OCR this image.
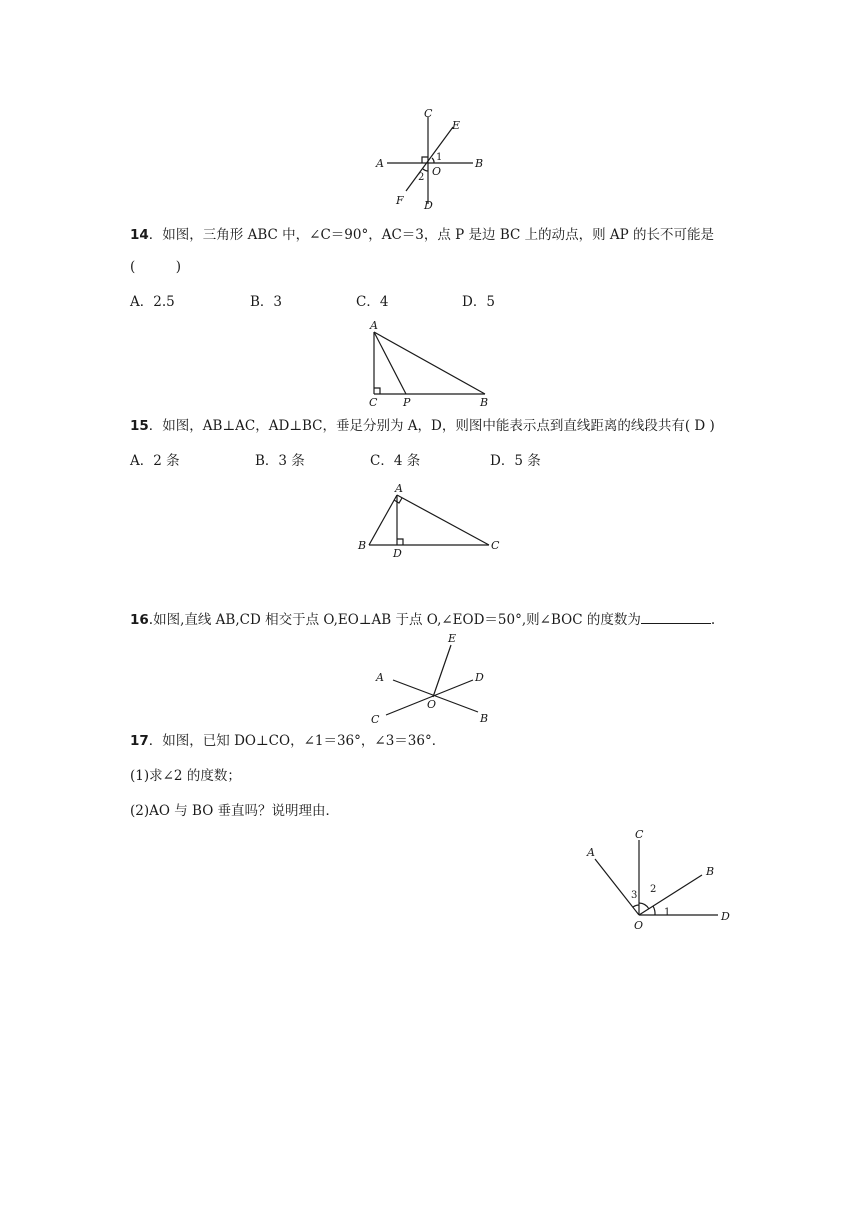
C
E
A
O
B
F D
1
2
14．如图，三角形 ABC 中，∠C＝90°，AC＝3，点 P 是边 BC 上的动点，则 AP 的长不可能是
(　　　)
A．2.5	B．3	C．4	D．5
A
C P	B
15．如图，AB⊥AC，AD⊥BC，垂足分别为 A，D，则图中能表示点到直线距离的线段共有( D )
A．2 条	B．3 条	C．4 条	D．5 条
A
B
D
C
16.如图,直线 AB,CD 相交于点 O,EO⊥AB 于点 O,∠EOD＝50°,则∠BOC 的度数为	.
E
A	D
O
C	B
17．如图，已知 DO⊥CO，∠1＝36°，∠3＝36°．
(1)求∠2 的度数；
(2)AO 与 BO 垂直吗？说明理由．
A
C
B
O
D
1
2
3
